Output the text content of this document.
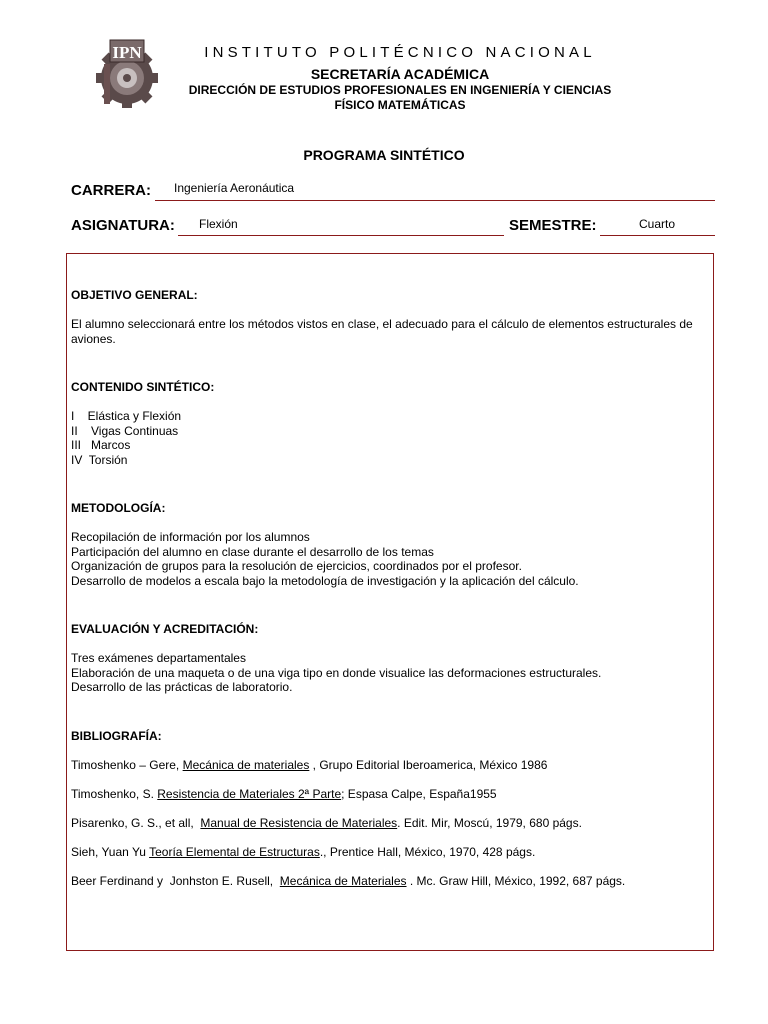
IPN	INSTITUTO POLITÉCNICO NACIONAL
SECRETARÍA ACADÉMICA
DIRECCIÓN DE ESTUDIOS PROFESIONALES EN INGENIERÍA Y CIENCIAS
FÍSICO MATEMÁTICAS
PROGRAMA SINTÉTICO
CARRERA: Ingeniería Aeronáutica
ASIGNATURA: Flexión	SEMESTRE:	Cuarto
OBJETIVO GENERAL:
El alumno seleccionará entre los métodos vistos en clase, el adecuado para el cálculo de elementos estructurales de aviones.
CONTENIDO SINTÉTICO:
I    Elástica y Flexión
II    Vigas Continuas
III   Marcos
IV  Torsión
METODOLOGÍA:
Recopilación de información por los alumnos
Participación del alumno en clase durante el desarrollo de los temas
Organización de grupos para la resolución de ejercicios, coordinados por el profesor.
Desarrollo de modelos a escala bajo la metodología de investigación y la aplicación del cálculo.
EVALUACIÓN Y ACREDITACIÓN:
Tres exámenes departamentales
Elaboración de una maqueta o de una viga tipo en donde visualice las deformaciones estructurales.
Desarrollo de las prácticas de laboratorio.
BIBLIOGRAFÍA:
Timoshenko – Gere, Mecánica de materiales , Grupo Editorial Iberoamerica, México 1986
Timoshenko, S. Resistencia de Materiales 2ª Parte; Espasa Calpe, España1955
Pisarenko, G. S., et all,  Manual de Resistencia de Materiales. Edit. Mir, Moscú, 1979, 680 págs.
Sieh, Yuan Yu Teoría Elemental de Estructuras., Prentice Hall, México, 1970, 428 págs.
Beer Ferdinand y  Jonhston E. Rusell,  Mecánica de Materiales . Mc. Graw Hill, México, 1992, 687 págs.
